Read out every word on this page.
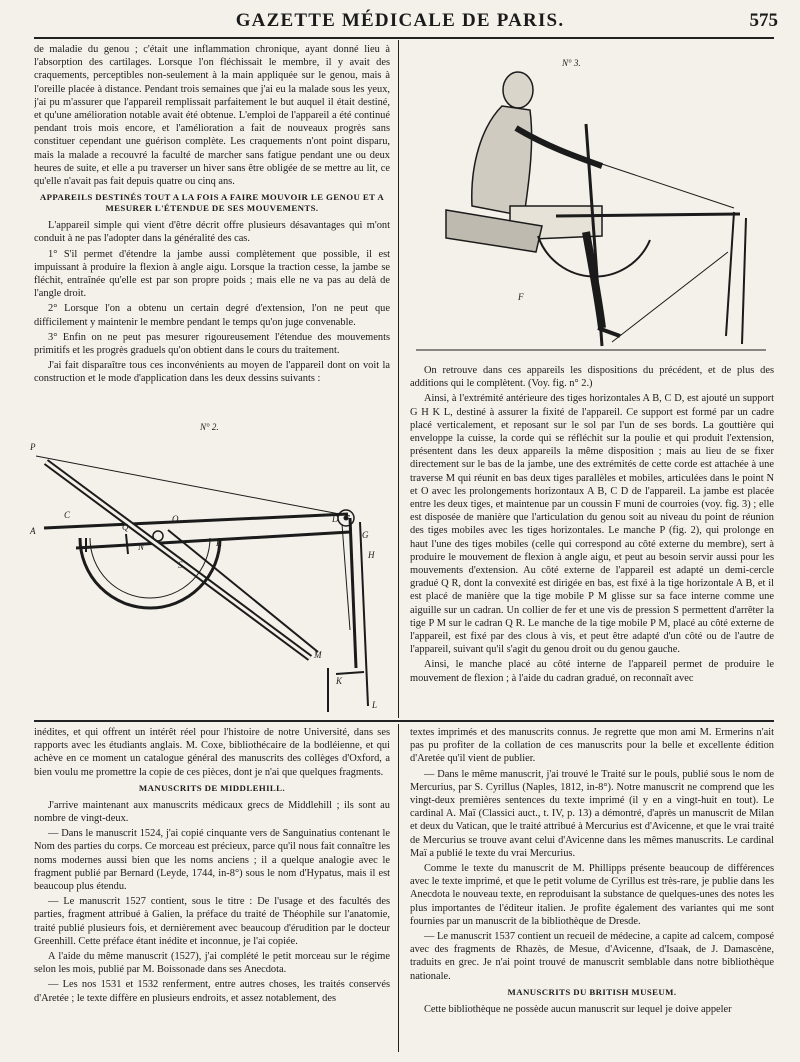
GAZETTE MÉDICALE DE PARIS.	575

de maladie du genou ; c'était une inflammation chronique, ayant donné lieu à l'absorption des cartilages. Lorsque l'on fléchissait le membre, il y avait des craquements, perceptibles non-seulement à la main appliquée sur le genou, mais à l'oreille placée à distance. Pendant trois semaines que j'ai eu la malade sous les yeux, j'ai pu m'assurer que l'appareil remplissait parfaitement le but auquel il était destiné, et qu'une amélioration notable avait été obtenue. L'emploi de l'appareil a été continué pendant trois mois encore, et l'amélioration a fait de nouveaux progrès sans constituer cependant une guérison complète. Les craquements n'ont point disparu, mais la malade a recouvré la faculté de marcher sans fatigue pendant une ou deux heures de suite, et elle a pu traverser un hiver sans être obligée de se mettre au lit, ce qu'elle n'avait pas fait depuis quatre ou cinq ans.

APPAREILS DESTINÉS TOUT A LA FOIS A FAIRE MOUVOIR LE GENOU ET A MESURER L'ÉTENDUE DE SES MOUVEMENTS.

L'appareil simple qui vient d'être décrit offre plusieurs désavantages qui m'ont conduit à ne pas l'adopter dans la généralité des cas.

1° S'il permet d'étendre la jambe aussi complètement que possible, il est impuissant à produire la flexion à angle aigu. Lorsque la traction cesse, la jambe se fléchit, entraînée qu'elle est par son propre poids ; mais elle ne va pas au delà de l'angle droit.

2° Lorsque l'on a obtenu un certain degré d'extension, l'on ne peut que difficilement y maintenir le membre pendant le temps qu'on juge convenable.

3° Enfin on ne peut pas mesurer rigoureusement l'étendue des mouvements primitifs et les progrès graduels qu'on obtient dans le cours du traitement.

J'ai fait disparaître tous ces inconvénients au moyen de l'appareil dont on voit la construction et le mode d'application dans les deux dessins suivants :

N° 2.
P
A
C	D
N
O
Q
R
S
G
H
M
K
L
N° 3.
F

On retrouve dans ces appareils les dispositions du précédent, et de plus des additions qui le complètent. (Voy. fig. n° 2.)

Ainsi, à l'extrémité antérieure des tiges horizontales A B, C D, est ajouté un support G H K L, destiné à assurer la fixité de l'appareil. Ce support est formé par un cadre placé verticalement, et reposant sur le sol par l'un de ses bords. La gouttière qui enveloppe la cuisse, la corde qui se réfléchit sur la poulie et qui produit l'extension, présentent dans les deux appareils la même disposition ; mais au lieu de se fixer directement sur le bas de la jambe, une des extrémités de cette corde est attachée à une traverse M qui réunit en bas deux tiges parallèles et mobiles, articulées dans le point N et O avec les prolongements horizontaux A B, C D de l'appareil. La jambe est placée entre les deux tiges, et maintenue par un coussin F muni de courroies (voy. fig. 3) ; elle est disposée de manière que l'articulation du genou soit au niveau du point de réunion des tiges mobiles avec les tiges horizontales. Le manche P (fig. 2), qui prolonge en haut l'une des tiges mobiles (celle qui correspond au côté externe du membre), sert à produire le mouvement de flexion à angle aigu, et peut au besoin servir aussi pour les mouvements d'extension. Au côté externe de l'appareil est adapté un demi-cercle gradué Q R, dont la convexité est dirigée en bas, est fixé à la tige horizontale A B, et il est placé de manière que la tige mobile P M glisse sur sa face interne comme une aiguille sur un cadran. Un collier de fer et une vis de pression S permettent d'arrêter la tige P M sur le cadran Q R. Le manche de la tige mobile P M, placé au côté externe de l'appareil, est fixé par des clous à vis, et peut être adapté d'un côté ou de l'autre de l'appareil, suivant qu'il s'agit du genou droit ou du genou gauche.

Ainsi, le manche placé au côté interne de l'appareil permet de produire le mouvement de flexion ; à l'aide du cadran gradué, on reconnaît avec

inédites, et qui offrent un intérêt réel pour l'histoire de notre Université, dans ses rapports avec les étudiants anglais. M. Coxe, bibliothécaire de la bodléienne, et qui achève en ce moment un catalogue général des manuscrits des collèges d'Oxford, a bien voulu me promettre la copie de ces pièces, dont je n'ai que quelques fragments.

MANUSCRITS DE MIDDLEHILL.

J'arrive maintenant aux manuscrits médicaux grecs de Middlehill ; ils sont au nombre de vingt-deux.

— Dans le manuscrit 1524, j'ai copié cinquante vers de Sanguinatius contenant le Nom des parties du corps. Ce morceau est précieux, parce qu'il nous fait connaître les noms modernes aussi bien que les noms anciens ; il a quelque analogie avec le fragment publié par Bernard (Leyde, 1744, in-8°) sous le nom d'Hypatus, mais il est beaucoup plus étendu.

— Le manuscrit 1527 contient, sous le titre : De l'usage et des facultés des parties, fragment attribué à Galien, la préface du traité de Théophile sur l'anatomie, traité publié plusieurs fois, et dernièrement avec beaucoup d'érudition par le docteur Greenhill. Cette préface étant inédite et inconnue, je l'ai copiée.

A l'aide du même manuscrit (1527), j'ai complété le petit morceau sur le régime selon les mois, publié par M. Boissonade dans ses Anecdota.

— Les nos 1531 et 1532 renferment, entre autres choses, les traités conservés d'Aretée ; le texte diffère en plusieurs endroits, et assez notablement, des

textes imprimés et des manuscrits connus. Je regrette que mon ami M. Ermerins n'ait pas pu profiter de la collation de ces manuscrits pour la belle et excellente édition d'Aretée qu'il vient de publier.

— Dans le même manuscrit, j'ai trouvé le Traité sur le pouls, publié sous le nom de Mercurius, par S. Cyrillus (Naples, 1812, in-8°). Notre manuscrit ne comprend que les vingt-deux premières sentences du texte imprimé (il y en a vingt-huit en tout). Le cardinal A. Maï (Classici auct., t. IV, p. 13) a démontré, d'après un manuscrit de Milan et deux du Vatican, que le traité attribué à Mercurius est d'Avicenne, et que le vrai traité de Mercurius se trouve avant celui d'Avicenne dans les mêmes manuscrits. Le cardinal Maï a publié le texte du vrai Mercurius.

Comme le texte du manuscrit de M. Phillipps présente beaucoup de différences avec le texte imprimé, et que le petit volume de Cyrillus est très-rare, je publie dans les Anecdota le nouveau texte, en reproduisant la substance de quelques-unes des notes les plus importantes de l'éditeur italien. Je profite également des variantes qui me sont fournies par un manuscrit de la bibliothèque de Dresde.

— Le manuscrit 1537 contient un recueil de médecine, a capite ad calcem, composé avec des fragments de Rhazès, de Mesue, d'Avicenne, d'Isaak, de J. Damascène, traduits en grec. Je n'ai point trouvé de manuscrit semblable dans notre bibliothèque nationale.

MANUSCRITS DU BRITISH MUSEUM.

Cette bibliothèque ne possède aucun manuscrit sur lequel je doive appeler
